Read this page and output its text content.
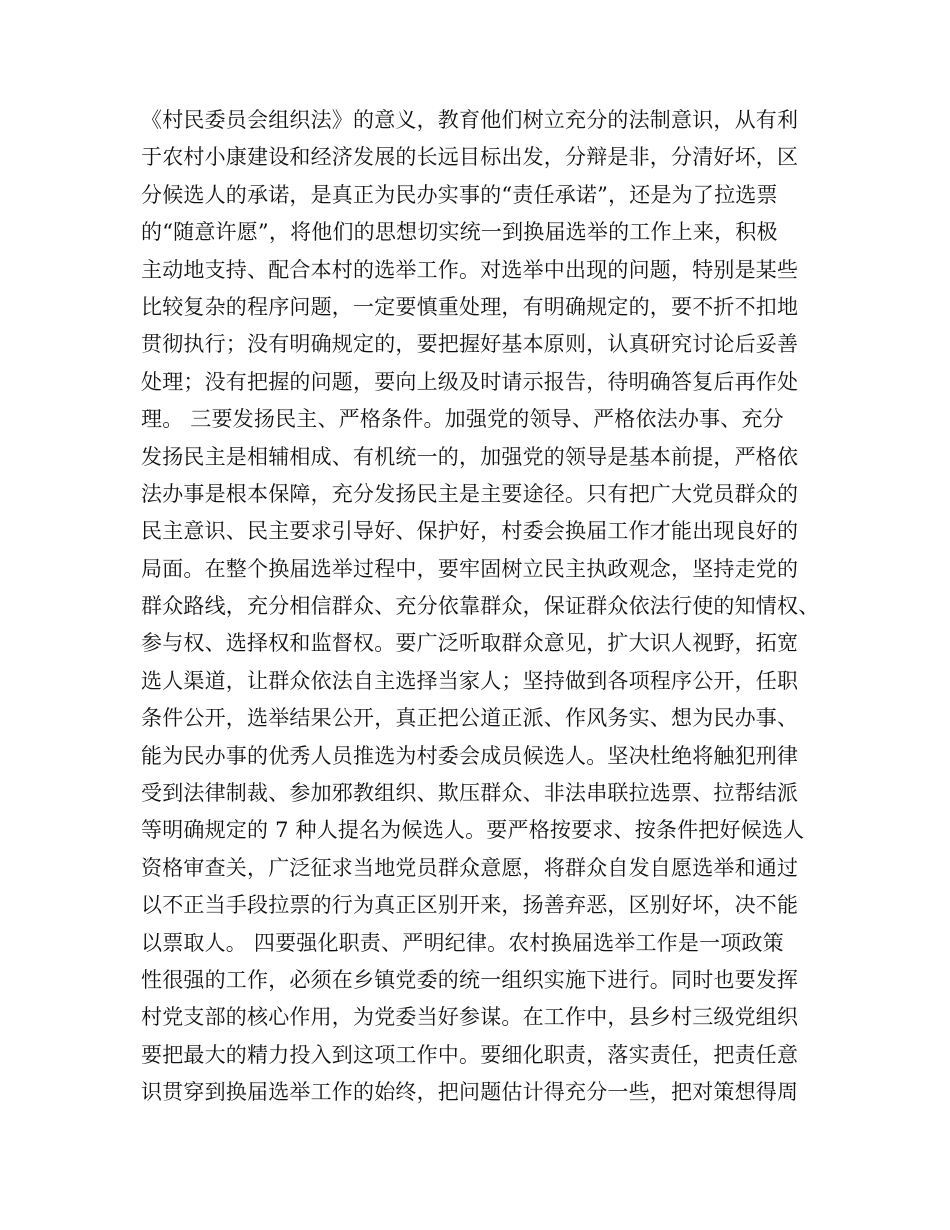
《村民委员会组织法》的意义，教育他们树立充分的法制意识，从有利
于农村小康建设和经济发展的长远目标出发，分辩是非，分清好坏，区
分候选人的承诺，是真正为民办实事的“责任承诺”，还是为了拉选票
的“随意许愿”，将他们的思想切实统一到换届选举的工作上来，积极
主动地支持、配合本村的选举工作。对选举中出现的问题，特别是某些
比较复杂的程序问题，一定要慎重处理，有明确规定的，要不折不扣地
贯彻执行；没有明确规定的，要把握好基本原则，认真研究讨论后妥善
处理；没有把握的问题，要向上级及时请示报告，待明确答复后再作处
理。 三要发扬民主、严格条件。加强党的领导、严格依法办事、充分
发扬民主是相辅相成、有机统一的，加强党的领导是基本前提，严格依
法办事是根本保障，充分发扬民主是主要途径。只有把广大党员群众的
民主意识、民主要求引导好、保护好，村委会换届工作才能出现良好的
局面。在整个换届选举过程中，要牢固树立民主执政观念，坚持走党的
群众路线，充分相信群众、充分依靠群众，保证群众依法行使的知情权、
参与权、选择权和监督权。要广泛听取群众意见，扩大识人视野，拓宽
选人渠道，让群众依法自主选择当家人；坚持做到各项程序公开，任职
条件公开，选举结果公开，真正把公道正派、作风务实、想为民办事、
能为民办事的优秀人员推选为村委会成员候选人。坚决杜绝将触犯刑律
受到法律制裁、参加邪教组织、欺压群众、非法串联拉选票、拉帮结派
等明确规定的 7 种人提名为候选人。要严格按要求、按条件把好候选人
资格审查关，广泛征求当地党员群众意愿，将群众自发自愿选举和通过
以不正当手段拉票的行为真正区别开来，扬善弃恶，区别好坏，决不能
以票取人。 四要强化职责、严明纪律。农村换届选举工作是一项政策
性很强的工作，必须在乡镇党委的统一组织实施下进行。同时也要发挥
村党支部的核心作用，为党委当好参谋。在工作中，县乡村三级党组织
要把最大的精力投入到这项工作中。要细化职责，落实责任，把责任意
识贯穿到换届选举工作的始终，把问题估计得充分一些，把对策想得周
